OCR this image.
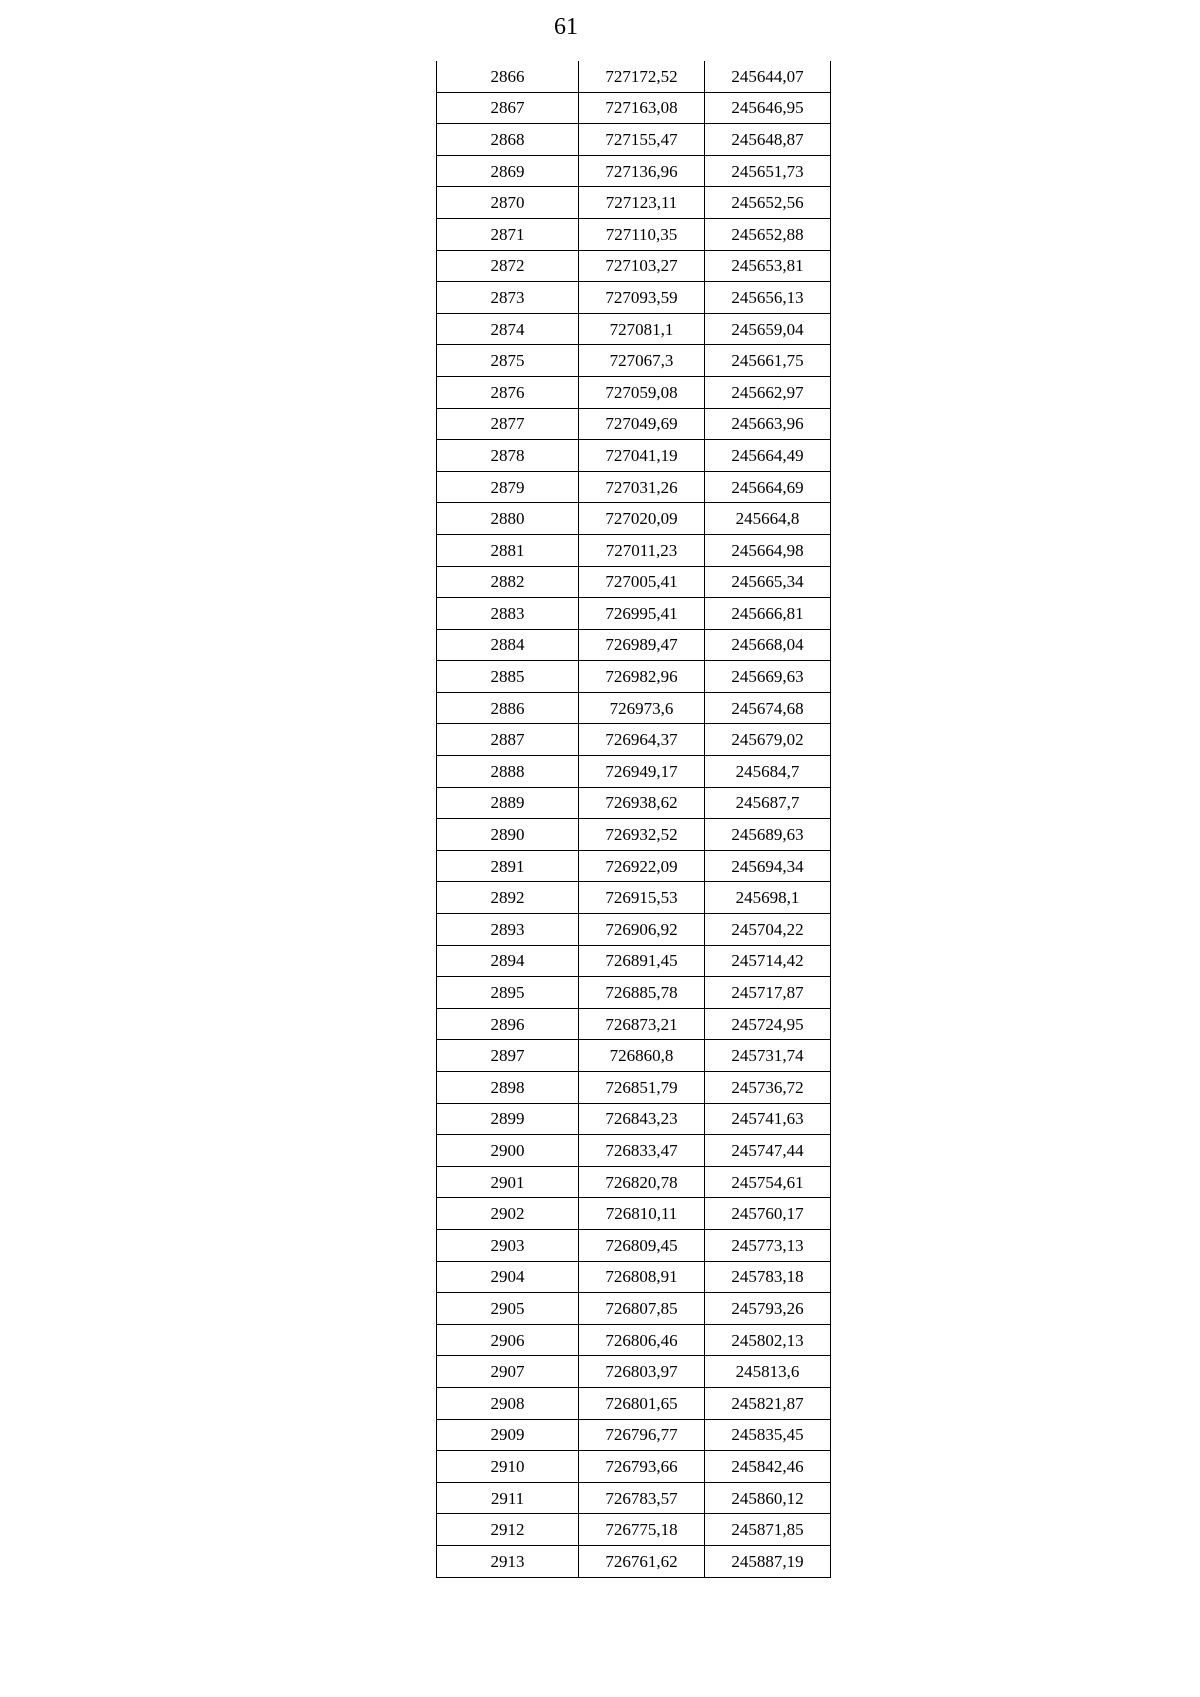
61
2866	727172,52	245644,07
2867	727163,08	245646,95
2868	727155,47	245648,87
2869	727136,96	245651,73
2870	727123,11	245652,56
2871	727110,35	245652,88
2872	727103,27	245653,81
2873	727093,59	245656,13
2874	727081,1	245659,04
2875	727067,3	245661,75
2876	727059,08	245662,97
2877	727049,69	245663,96
2878	727041,19	245664,49
2879	727031,26	245664,69
2880	727020,09	245664,8
2881	727011,23	245664,98
2882	727005,41	245665,34
2883	726995,41	245666,81
2884	726989,47	245668,04
2885	726982,96	245669,63
2886	726973,6	245674,68
2887	726964,37	245679,02
2888	726949,17	245684,7
2889	726938,62	245687,7
2890	726932,52	245689,63
2891	726922,09	245694,34
2892	726915,53	245698,1
2893	726906,92	245704,22
2894	726891,45	245714,42
2895	726885,78	245717,87
2896	726873,21	245724,95
2897	726860,8	245731,74
2898	726851,79	245736,72
2899	726843,23	245741,63
2900	726833,47	245747,44
2901	726820,78	245754,61
2902	726810,11	245760,17
2903	726809,45	245773,13
2904	726808,91	245783,18
2905	726807,85	245793,26
2906	726806,46	245802,13
2907	726803,97	245813,6
2908	726801,65	245821,87
2909	726796,77	245835,45
2910	726793,66	245842,46
2911	726783,57	245860,12
2912	726775,18	245871,85
2913	726761,62	245887,19
